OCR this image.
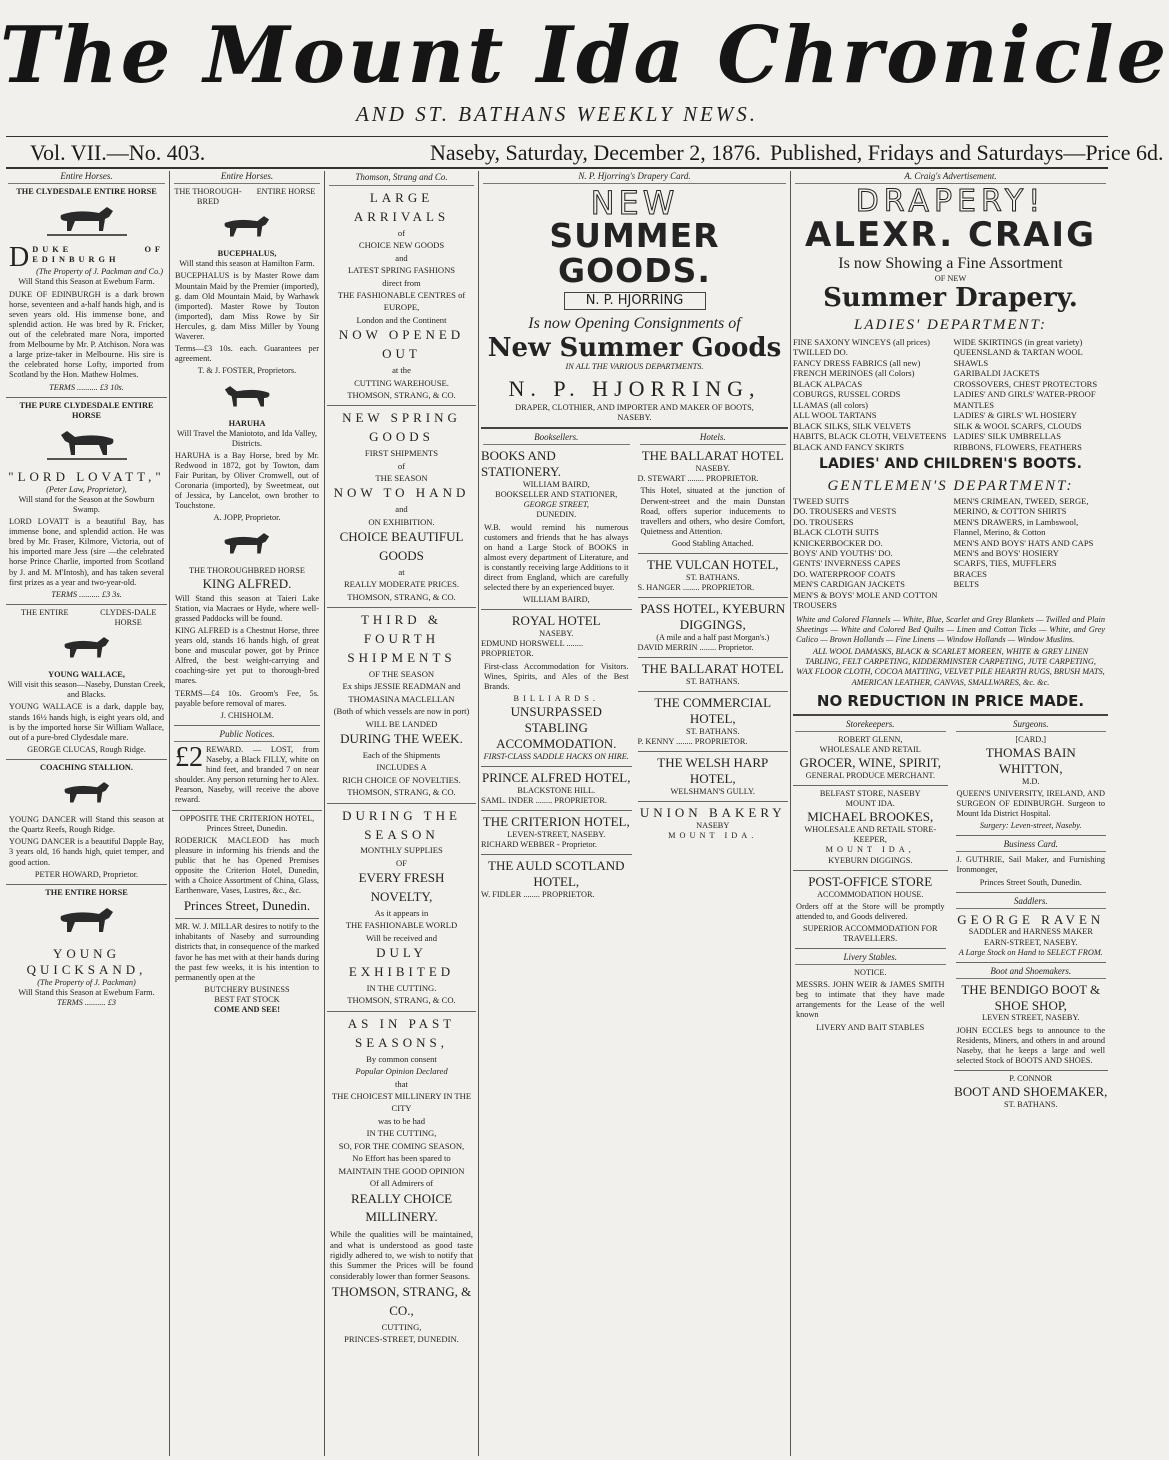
The Mount Ida Chronicle
AND ST. BATHANS WEEKLY NEWS.
Vol. VII.—No. 403.	Naseby, Saturday, December 2, 1876. Published, Fridays and Saturdays—Price 6d.
Entire Horses.
THE CLYDESDALE ENTIRE HORSE

DDUKE OF EDINBURGH

(The Property of J. Packman and Co.)
Will Stand this Season at Ewebum Farm.

DUKE OF EDINBURGH is a dark brown horse, seventeen and a-half hands high, and is seven years old. His immense bone, and splendid action. He was bred by R. Fricker, out of the celebrated mare Nora, imported from Melbourne by Mr. P. Atchison. Nora was a large prize-taker in Melbourne. His sire is the celebrated horse Lofty, imported from Scotland by the Hon. Mathew Holmes.

TERMS .......... £3 10s.
THE PURE CLYDESDALE ENTIRE HORSE
"LORD LOVATT,"
(Peter Law, Proprietor),
Will stand for the Season at the Sowburn Swamp.

LORD LOVATT is a beautiful Bay, has immense bone, and splendid action. He was bred by Mr. Fraser, Kilmore, Victoria, out of his imported mare Jess (sire —the celebrated horse Prince Charlie, imported from Scotland by J. and M. M'Intosh), and has taken several first prizes as a year and two-year-old.

TERMS .......... £3 3s.
THE ENTIRE	CLYDES-DALE HORSE
YOUNG WALLACE,
Will visit this season—Naseby, Dunstan Creek, and Blacks.

YOUNG WALLACE is a dark, dapple bay, stands 16½ hands high, is eight years old, and is by the imported horse Sir William Wallace, out of a pure-bred Clydesdale mare.

GEORGE CLUCAS, Rough Ridge.
COACHING STALLION.

YOUNG DANCER will Stand this season at the Quartz Reefs, Rough Ridge.

YOUNG DANCER is a beautiful Dapple Bay, 3 years old, 16 hands high, quiet temper, and good action.

PETER HOWARD, Proprietor.
THE ENTIRE HORSE
YOUNG QUICKSAND,
(The Property of J. Packman)
Will Stand this Season at Ewebum Farm.
TERMS .......... £3
Entire Horses.
THE THOROUGH-BRED
ENTIRE HORSE
BUCEPHALUS,
Will stand this season at Hamilton Farm.

BUCEPHALUS is by Master Rowe dam Mountain Maid by the Premier (imported), g. dam Old Mountain Maid, by Warhawk (imported). Master Rowe by Touton (imported), dam Miss Rowe by Sir Hercules, g. dam Miss Miller by Young Waverer.

Terms—£3 10s. each. Guarantees per agreement.

T. & J. FOSTER, Proprietors.
HARUHA
Will Travel the Maniototo, and Ida Valley, Districts.

HARUHA is a Bay Horse, bred by Mr. Redwood in 1872, got by Towton, dam Fair Puritan, by Oliver Cromwell, out of Coronaria (imported), by Sweetmeat, out of Jessica, by Lancelot, own brother to Touchstone.

A. JOPP, Proprietor.
THE THOROUGHBRED HORSE
KING ALFRED.

Will Stand this season at Taieri Lake Station, via Macraes or Hyde, where well-grassed Paddocks will be found.

KING ALFRED is a Chestnut Horse, three years old, stands 16 hands high, of great bone and muscular power, got by Prince Alfred, the best weight-carrying and coaching-sire yet put to thorough-bred mares.

TERMS—£4 10s. Groom's Fee, 5s. payable before removal of mares.

J. CHISHOLM.
Public Notices.

£2 REWARD. — LOST, from Naseby, a Black FILLY, white on hind feet, and branded 7 on near shoulder. Any person returning her to Alex. Pearson, Naseby, will receive the above reward.

OPPOSITE THE CRITERION HOTEL, Princes Street, Dunedin.

RODERICK MACLEOD has much pleasure in informing his friends and the public that he has Opened Premises opposite the Criterion Hotel, Dunedin, with a Choice Assortment of China, Glass, Earthenware, Vases, Lustres, &c., &c.

Princes Street, Dunedin.

MR. W. J. MILLAR desires to notify to the inhabitants of Naseby and surrounding districts that, in consequence of the marked favor he has met with at their hands during the past few weeks, it is his intention to permanently open at the

BUTCHERY BUSINESS
BEST FAT STOCK
COME AND SEE!
Thomson, Strang and Co.
LARGE ARRIVALS
of
CHOICE NEW GOODS
and
LATEST SPRING FASHIONS
direct from
THE FASHIONABLE CENTRES of EUROPE,
London and the Continent
NOW OPENED OUT
at the
CUTTING WAREHOUSE.
THOMSON, STRANG, & CO.
NEW SPRING GOODS
FIRST SHIPMENTS
of
THE SEASON
NOW TO HAND
and
ON EXHIBITION.
CHOICE BEAUTIFUL GOODS
at
REALLY MODERATE PRICES.
THOMSON, STRANG, & CO.
THIRD & FOURTH SHIPMENTS
OF THE SEASON
Ex ships JESSIE READMAN and THOMASINA MACLELLAN
(Both of which vessels are now in port)
WILL BE LANDED
DURING THE WEEK.
Each of the Shipments
INCLUDES A
RICH CHOICE OF NOVELTIES.
THOMSON, STRANG, & CO.
DURING THE SEASON
MONTHLY SUPPLIES
OF
EVERY FRESH NOVELTY,
As it appears in
THE FASHIONABLE WORLD
Will be received and
DULY EXHIBITED
IN THE CUTTING.
THOMSON, STRANG, & CO.
AS IN PAST SEASONS,
By common consent
Popular Opinion Declared
that
THE CHOICEST MILLINERY IN THE CITY
was to be had
IN THE CUTTING,
SO, FOR THE COMING SEASON,
No Effort has been spared to
MAINTAIN THE GOOD OPINION
Of all Admirers of
REALLY CHOICE MILLINERY.

While the qualities will be maintained, and what is understood as good taste rigidly adhered to, we wish to notify that this Summer the Prices will be found considerably lower than former Seasons.

THOMSON, STRANG, & CO.,
CUTTING,
PRINCES-STREET, DUNEDIN.
N. P. Hjorring's Drapery Card.
NEW
SUMMER GOODS.
N. P. HJORRING
Is now Opening Consignments of
New Summer Goods
IN ALL THE VARIOUS DEPARTMENTS.
N. P. HJORRING,
DRAPER, CLOTHIER, AND IMPORTER AND MAKER OF BOOTS,
NASEBY.
Booksellers.
BOOKS AND STATIONERY.
WILLIAM BAIRD,
BOOKSELLER AND STATIONER,
GEORGE STREET,
DUNEDIN.

W.B. would remind his numerous customers and friends that he has always on hand a Large Stock of BOOKS in almost every department of Literature, and is constantly receiving large Additions to it direct from England, which are carefully selected there by an experienced buyer.

WILLIAM BAIRD,
ROYAL HOTEL
NASEBY.
EDMUND HORSWELL ........ PROPRIETOR.

First-class Accommodation for Visitors. Wines, Spirits, and Ales of the Best Brands.

BILLIARDS.
UNSURPASSED STABLING ACCOMMODATION.
FIRST-CLASS SADDLE HACKS ON HIRE.
PRINCE ALFRED HOTEL,
BLACKSTONE HILL.
SAML. INDER ........ PROPRIETOR.
THE CRITERION HOTEL,
LEVEN-STREET, NASEBY.
RICHARD WEBBER - Proprietor.
THE AULD SCOTLAND HOTEL,
W. FIDLER ........ PROPRIETOR.
Hotels.
THE BALLARAT HOTEL
NASEBY.
D. STEWART ........ PROPRIETOR.

This Hotel, situated at the junction of Derwent-street and the main Dunstan Road, offers superior inducements to travellers and others, who desire Comfort, Quietness and Attention.

Good Stabling Attached.
THE VULCAN HOTEL,
ST. BATHANS.
S. HANGER ........ PROPRIETOR.
PASS HOTEL, KYEBURN DIGGINGS,
(A mile and a half past Morgan's.)
DAVID MERRIN ........ Proprietor.
THE BALLARAT HOTEL
ST. BATHANS.
THE COMMERCIAL HOTEL,
ST. BATHANS.
P. KENNY ........ PROPRIETOR.
THE WELSH HARP HOTEL,
WELSHMAN'S GULLY.
UNION BAKERY
NASEBY
MOUNT IDA.
A. Craig's Advertisement.
DRAPERY!
ALEXR. CRAIG
Is now Showing a Fine Assortment
OF NEW
Summer Drapery.
LADIES' DEPARTMENT:
FINE SAXONY WINCEYS (all prices)
TWILLED DO.
FANCY DRESS FABRICS (all new)
FRENCH MERINOES (all Colors)
BLACK ALPACAS
COBURGS, RUSSEL CORDS
LLAMAS (all colors)
ALL WOOL TARTANS
BLACK SILKS, SILK VELVETS
HABITS, BLACK CLOTH, VELVETEENS
BLACK AND FANCY SKIRTS
WIDE SKIRTINGS (in great variety)
QUEENSLAND & TARTAN WOOL SHAWLS
GARIBALDI JACKETS
CROSSOVERS, CHEST PROTECTORS
LADIES' AND GIRLS' WATER-PROOF MANTLES
LADIES' & GIRLS' WL HOSIERY
SILK & WOOL SCARFS, CLOUDS
LADIES' SILK UMBRELLAS
RIBBONS, FLOWERS, FEATHERS
LADIES' AND CHILDREN'S BOOTS.
GENTLEMEN'S DEPARTMENT:
TWEED SUITS
DO. TROUSERS and VESTS
DO. TROUSERS
BLACK CLOTH SUITS
KNICKERBOCKER DO.
BOYS' AND YOUTHS' DO.
GENTS' INVERNESS CAPES
DO. WATERPROOF COATS
MEN'S CARDIGAN JACKETS
MEN'S & BOYS' MOLE AND COTTON TROUSERS
MEN'S CRIMEAN, TWEED, SERGE, MERINO, & COTTON SHIRTS
MEN'S DRAWERS, in Lambswool, Flannel, Merino, & Cotton
MEN'S AND BOYS' HATS AND CAPS
MEN'S and BOYS' HOSIERY
SCARFS, TIES, MUFFLERS
BRACES
BELTS

White and Colored Flannels — White, Blue, Scarlet and Grey Blankets — Twilled and Plain Sheetings — White and Colored Bed Quilts — Linen and Cotton Ticks — White, and Grey Calico — Brown Hollands — Fine Linens — Window Hollands — Window Muslins.

ALL WOOL DAMASKS, BLACK & SCARLET MOREEN, WHITE & GREY LINEN TABLING, FELT CARPETING, KIDDERMINSTER CARPETING, JUTE CARPETING, WAX FLOOR CLOTH, COCOA MATTING, VELVET PILE HEARTH RUGS, BRUSH MATS, AMERICAN LEATHER, CANVAS, SMALLWARES, &c. &c.

NO REDUCTION IN PRICE MADE.
Storekeepers.
ROBERT GLENN,
WHOLESALE AND RETAIL
GROCER, WINE, SPIRIT,
GENERAL PRODUCE MERCHANT.
BELFAST STORE, NASEBY
MOUNT IDA.
MICHAEL BROOKES,
WHOLESALE AND RETAIL STORE-KEEPER,
MOUNT IDA,
KYEBURN DIGGINGS.
POST-OFFICE STORE
ACCOMMODATION HOUSE.

Orders off at the Store will be promptly attended to, and Goods delivered.

SUPERIOR ACCOMMODATION FOR TRAVELLERS.
Livery Stables.
NOTICE.

MESSRS. JOHN WEIR & JAMES SMITH beg to intimate that they have made arrangements for the Lease of the well known

LIVERY AND BAIT STABLES
Surgeons.
[CARD.]
THOMAS BAIN WHITTON,
M.D.

QUEEN'S UNIVERSITY, IRELAND, AND SURGEON OF EDINBURGH. Surgeon to Mount Ida District Hospital.

Surgery: Leven-street, Naseby.
Business Card.

J. GUTHRIE, Sail Maker, and Furnishing Ironmonger,

Princes Street South, Dunedin.
Saddlers.
GEORGE RAVEN
SADDLER and HARNESS MAKER
EARN-STREET, NASEBY.
A Large Stock on Hand to SELECT FROM.
Boot and Shoemakers.
THE BENDIGO BOOT & SHOE SHOP,
LEVEN STREET, NASEBY.

JOHN ECCLES begs to announce to the Residents, Miners, and others in and around Naseby, that he keeps a large and well selected Stock of BOOTS AND SHOES.

P. CONNOR
BOOT AND SHOEMAKER,
ST. BATHANS.
